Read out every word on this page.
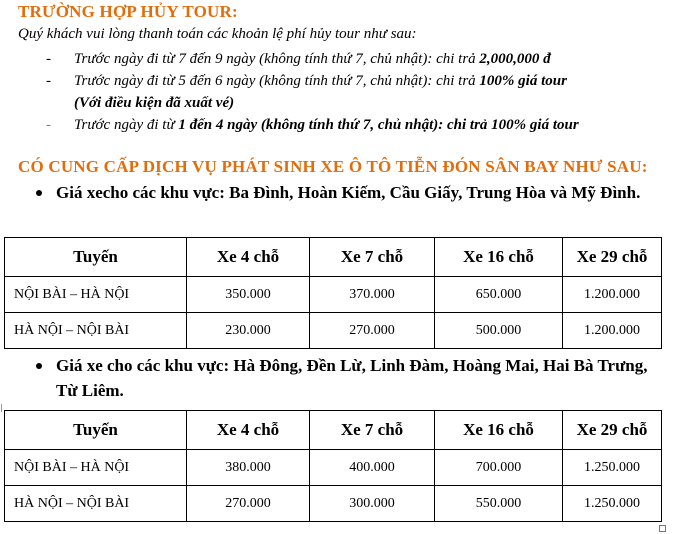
TRƯỜNG HỢP HỦY TOUR:
Quý khách vui lòng thanh toán các khoản lệ phí hủy tour như sau:
- Trước ngày đi từ 7 đến 9 ngày (không tính thứ 7, chủ nhật): chi trả 2,000,000 đ
- Trước ngày đi từ 5 đến 6 ngày (không tính thứ 7, chủ nhật): chi trả 100% giá tour
(Với điều kiện đã xuất vé)
- Trước ngày đi từ 1 đến 4 ngày (không tính thứ 7, chủ nhật): chi trả 100% giá tour
CÓ CUNG CẤP DỊCH VỤ PHÁT SINH XE Ô TÔ TIỄN ĐÓN SÂN BAY NHƯ SAU:
Giá xecho các khu vực: Ba Đình, Hoàn Kiếm, Cầu Giấy, Trung Hòa và Mỹ Đình.
Tuyến	Xe 4 chỗ	Xe 7 chỗ	Xe 16 chỗ	Xe 29 chỗ
NỘI BÀI – HÀ NỘI	350.000	370.000	650.000	1.200.000
HÀ NỘI – NỘI BÀI	230.000	270.000	500.000	1.200.000
Giá xe cho các khu vực: Hà Đông, Đền Lừ, Linh Đàm, Hoàng Mai, Hai Bà Trưng, Từ Liêm.
Tuyến	Xe 4 chỗ	Xe 7 chỗ	Xe 16 chỗ	Xe 29 chỗ
NỘI BÀI – HÀ NỘI	380.000	400.000	700.000	1.250.000
HÀ NỘI – NỘI BÀI	270.000	300.000	550.000	1.250.000
